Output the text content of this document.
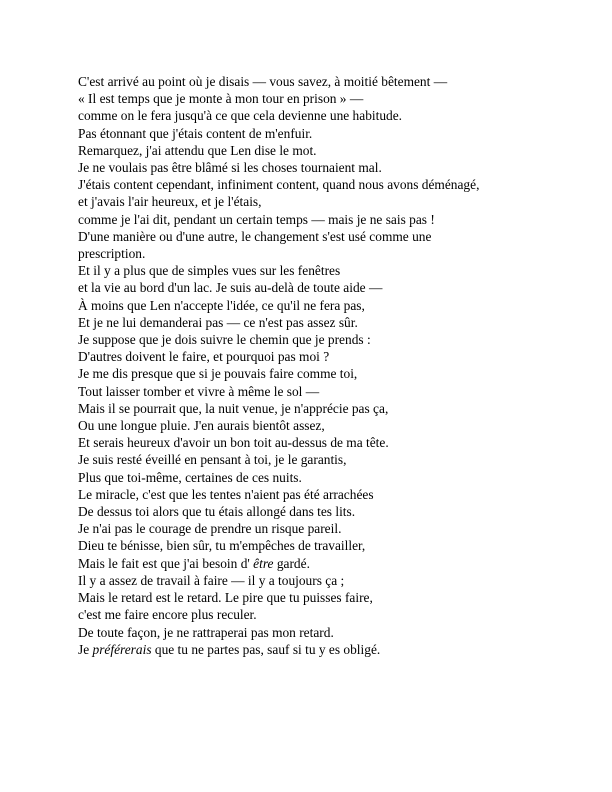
C'est arrivé au point où je disais — vous savez, à moitié bêtement —
« Il est temps que je monte à mon tour en prison » —
comme on le fera jusqu'à ce que cela devienne une habitude.
Pas étonnant que j'étais content de m'enfuir.
Remarquez, j'ai attendu que Len dise le mot.
Je ne voulais pas être blâmé si les choses tournaient mal.
J'étais content cependant, infiniment content, quand nous avons déménagé,
et j'avais l'air heureux, et je l'étais,
comme je l'ai dit, pendant un certain temps — mais je ne sais pas !
D'une manière ou d'une autre, le changement s'est usé comme une
prescription.
Et il y a plus que de simples vues sur les fenêtres
et la vie au bord d'un lac. Je suis au-delà de toute aide —
À moins que Len n'accepte l'idée, ce qu'il ne fera pas,
Et je ne lui demanderai pas — ce n'est pas assez sûr.
Je suppose que je dois suivre le chemin que je prends :
D'autres doivent le faire, et pourquoi pas moi ?
Je me dis presque que si je pouvais faire comme toi,
Tout laisser tomber et vivre à même le sol —
Mais il se pourrait que, la nuit venue, je n'apprécie pas ça,
Ou une longue pluie. J'en aurais bientôt assez,
Et serais heureux d'avoir un bon toit au-dessus de ma tête.
Je suis resté éveillé en pensant à toi, je le garantis,
Plus que toi-même, certaines de ces nuits.
Le miracle, c'est que les tentes n'aient pas été arrachées
De dessus toi alors que tu étais allongé dans tes lits.
Je n'ai pas le courage de prendre un risque pareil.
Dieu te bénisse, bien sûr, tu m'empêches de travailler,
Mais le fait est que j'ai besoin d' être gardé.
Il y a assez de travail à faire — il y a toujours ça ;
Mais le retard est le retard. Le pire que tu puisses faire,
c'est me faire encore plus reculer.
De toute façon, je ne rattraperai pas mon retard.
Je préférerais que tu ne partes pas, sauf si tu y es obligé.
